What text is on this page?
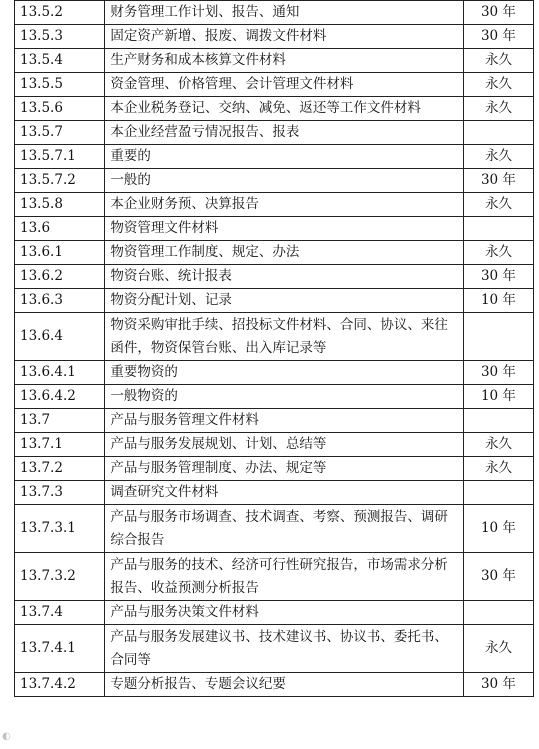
13.5.2	财务管理工作计划、报告、通知	30 年
13.5.3	固定资产新增、报废、调拨文件材料	30 年
13.5.4	生产财务和成本核算文件材料	永久
13.5.5	资金管理、价格管理、会计管理文件材料	永久
13.5.6	本企业税务登记、交纳、减免、返还等工作文件材料	永久
13.5.7	本企业经营盈亏情况报告、报表	
13.5.7.1	重要的	永久
13.5.7.2	一般的	30 年
13.5.8	本企业财务预、决算报告	永久
13.6	物资管理文件材料	
13.6.1	物资管理工作制度、规定、办法	永久
13.6.2	物资台账、统计报表	30 年
13.6.3	物资分配计划、记录	10 年
13.6.4	物资采购审批手续、招投标文件材料、合同、协议、来往函件，物资保管台账、出入库记录等	
13.6.4.1	重要物资的	30 年
13.6.4.2	一般物资的	10 年
13.7	产品与服务管理文件材料	
13.7.1	产品与服务发展规划、计划、总结等	永久
13.7.2	产品与服务管理制度、办法、规定等	永久
13.7.3	调查研究文件材料	
13.7.3.1	产品与服务市场调查、技术调查、考察、预测报告、调研综合报告	10 年
13.7.3.2	产品与服务的技术、经济可行性研究报告，市场需求分析报告、收益预测分析报告	30 年
13.7.4	产品与服务决策文件材料	
13.7.4.1	产品与服务发展建议书、技术建议书、协议书、委托书、合同等	永久
13.7.4.2	专题分析报告、专题会议纪要	30 年
◐
